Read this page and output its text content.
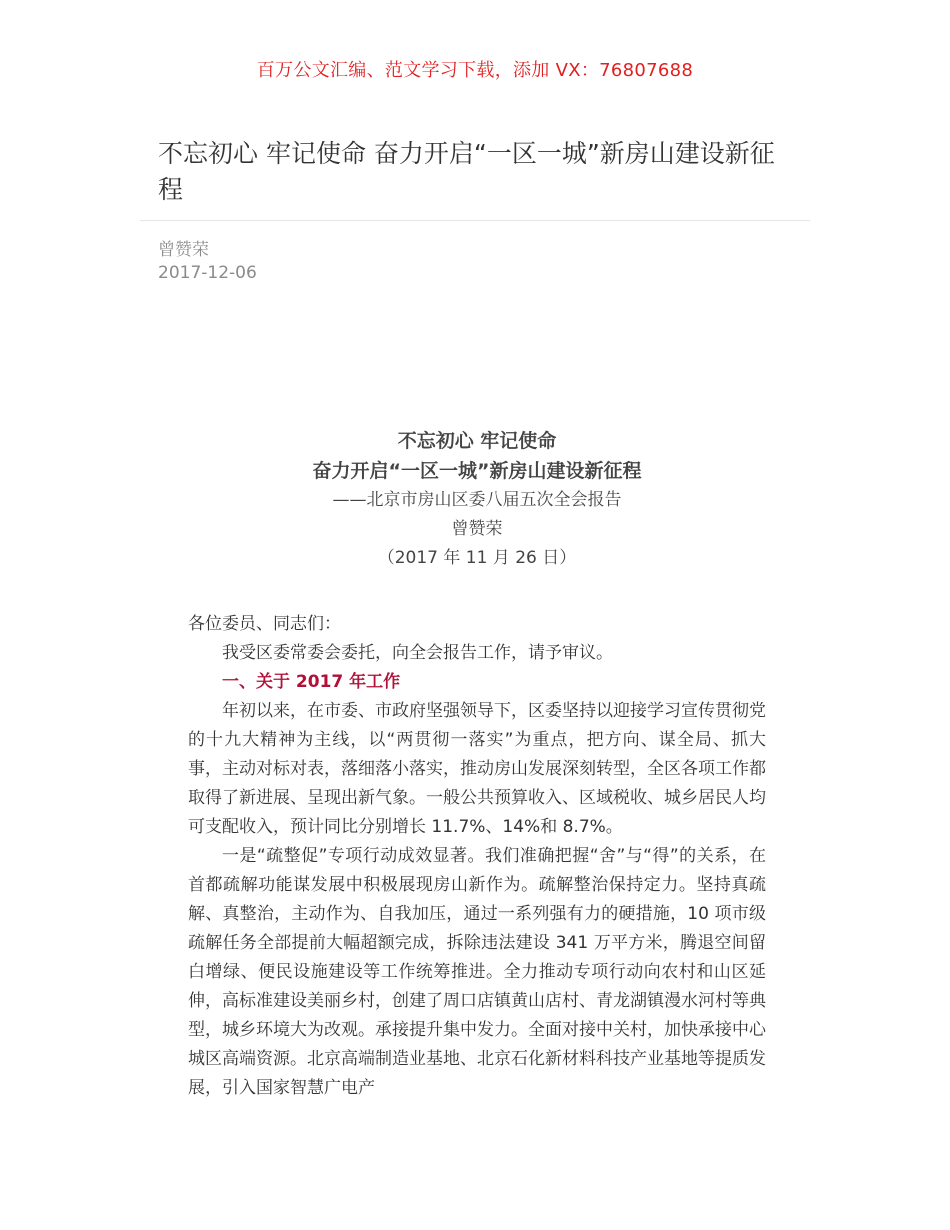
百万公文汇编、范文学习下载，添加 VX：76807688
不忘初心 牢记使命 奋力开启“一区一城”新房山建设新征程
曾赞荣
2017-12-06
不忘初心 牢记使命
奋力开启“一区一城”新房山建设新征程
——北京市房山区委八届五次全会报告
曾赞荣
（2017 年 11 月 26 日）
各位委员、同志们：

我受区委常委会委托，向全会报告工作，请予审议。

一、关于 2017 年工作

年初以来，在市委、市政府坚强领导下，区委坚持以迎接学习宣传贯彻党的十九大精神为主线，以“两贯彻一落实”为重点，把方向、谋全局、抓大事，主动对标对表，落细落小落实，推动房山发展深刻转型，全区各项工作都取得了新进展、呈现出新气象。一般公共预算收入、区域税收、城乡居民人均可支配收入，预计同比分别增长 11.7%、14%和 8.7%。

一是“疏整促”专项行动成效显著。我们准确把握“舍”与“得”的关系，在首都疏解功能谋发展中积极展现房山新作为。疏解整治保持定力。坚持真疏解、真整治，主动作为、自我加压，通过一系列强有力的硬措施，10 项市级疏解任务全部提前大幅超额完成，拆除违法建设 341 万平方米，腾退空间留白增绿、便民设施建设等工作统筹推进。全力推动专项行动向农村和山区延伸，高标准建设美丽乡村，创建了周口店镇黄山店村、青龙湖镇漫水河村等典型，城乡环境大为改观。承接提升集中发力。全面对接中关村，加快承接中心城区高端资源。北京高端制造业基地、北京石化新材料科技产业基地等提质发展，引入国家智慧广电产
